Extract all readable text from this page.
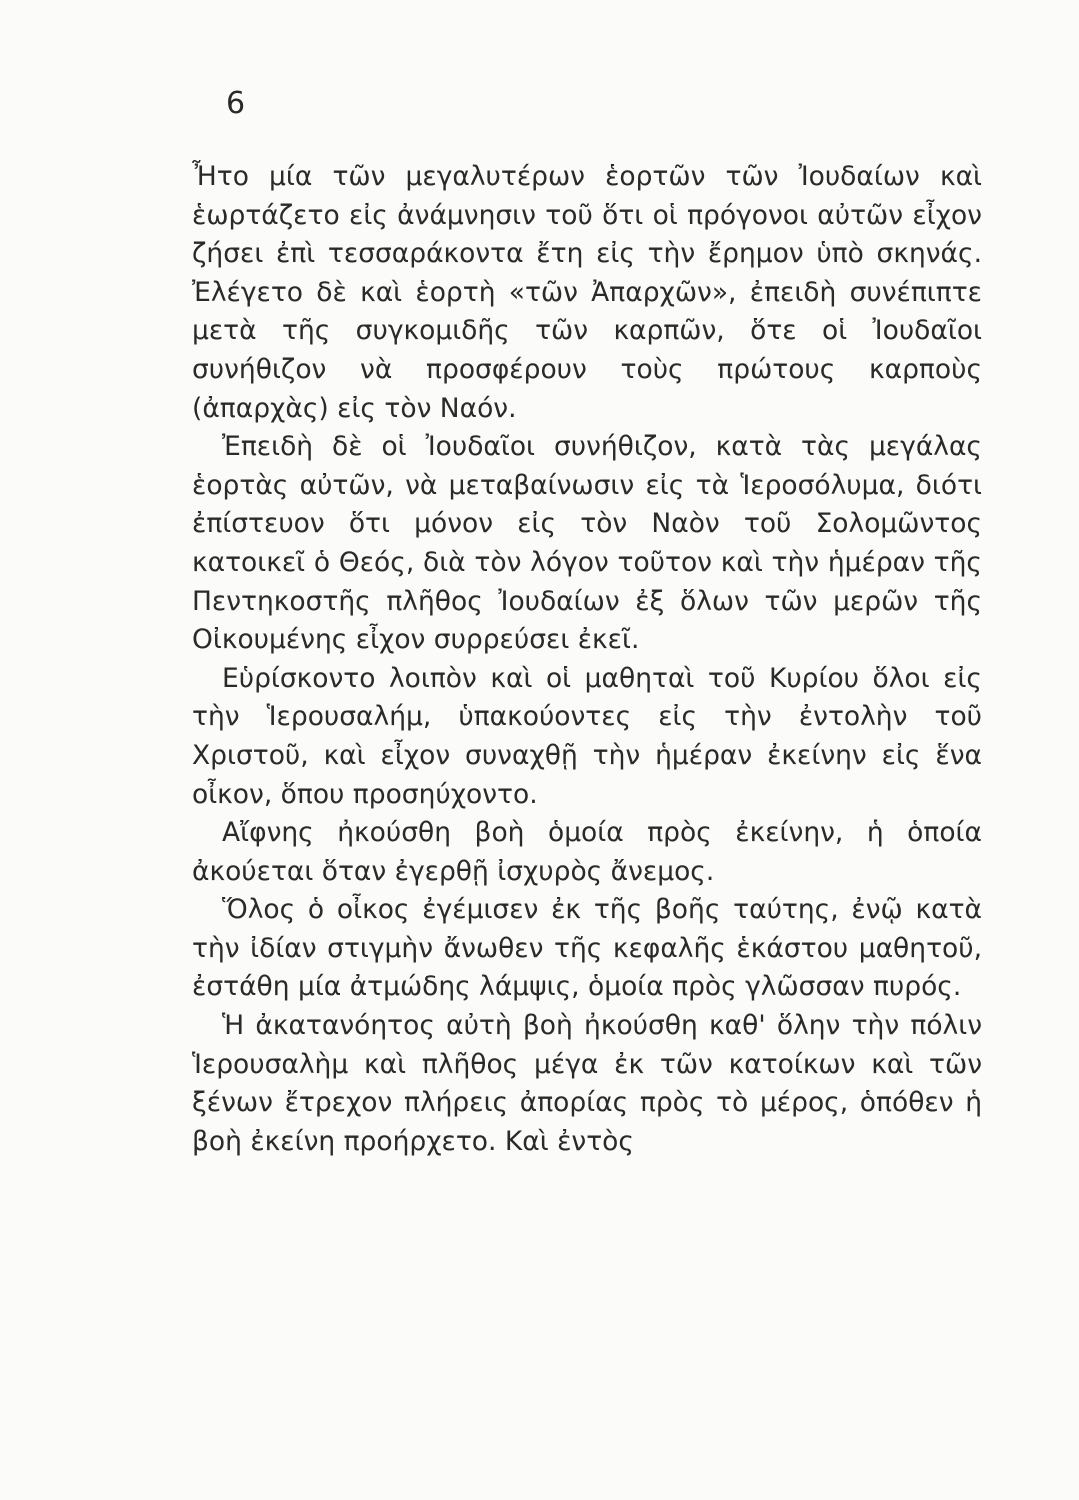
6

Ἦτο μία τῶν μεγαλυτέρων ἑορτῶν τῶν Ἰουδαίων καὶ ἑωρτάζετο εἰς ἀνάμνησιν τοῦ ὅτι οἱ πρόγονοι αὐτῶν εἶχον ζήσει ἐπὶ τεσσαράκοντα ἔτη εἰς τὴν ἔρημον ὑπὸ σκηνάς. Ἐλέγετο δὲ καὶ ἑορτὴ «τῶν Ἀπαρχῶν», ἐπειδὴ συνέπιπτε μετὰ τῆς συγκομιδῆς τῶν καρπῶν, ὅτε οἱ Ἰουδαῖοι συνήθιζον νὰ προσφέρουν τοὺς πρώτους καρποὺς (ἀπαρχὰς) εἰς τὸν Ναόν.

Ἐπειδὴ δὲ οἱ Ἰουδαῖοι συνήθιζον, κατὰ τὰς μεγάλας ἑορτὰς αὐτῶν, νὰ μεταβαίνωσιν εἰς τὰ Ἱεροσόλυμα, διότι ἐπίστευον ὅτι μόνον εἰς τὸν Ναὸν τοῦ Σολομῶντος κατοικεῖ ὁ Θεός, διὰ τὸν λόγον τοῦτον καὶ τὴν ἡμέραν τῆς Πεντηκοστῆς πλῆθος Ἰουδαίων ἐξ ὅλων τῶν μερῶν τῆς Οἰκουμένης εἶχον συρρεύσει ἐκεῖ.

Εὑρίσκοντο λοιπὸν καὶ οἱ μαθηταὶ τοῦ Κυρίου ὅλοι εἰς τὴν Ἱερουσαλήμ, ὑπακούοντες εἰς τὴν ἐντολὴν τοῦ Χριστοῦ, καὶ εἶχον συναχθῇ τὴν ἡμέραν ἐκείνην εἰς ἕνα οἶκον, ὅπου προσηύχοντο.

Αἴφνης ἠκούσθη βοὴ ὁμοία πρὸς ἐκείνην, ἡ ὁποία ἀκούεται ὅταν ἐγερθῇ ἰσχυρὸς ἄνεμος.

Ὅλος ὁ οἶκος ἐγέμισεν ἐκ τῆς βοῆς ταύτης, ἐνῷ κατὰ τὴν ἰδίαν στιγμὴν ἄνωθεν τῆς κεφαλῆς ἑκάστου μαθητοῦ, ἐστάθη μία ἀτμώδης λάμψις, ὁμοία πρὸς γλῶσσαν πυρός.

Ἡ ἀκατανόητος αὐτὴ βοὴ ἠκούσθη καθ' ὅλην τὴν πόλιν Ἱερουσαλὴμ καὶ πλῆθος μέγα ἐκ τῶν κατοίκων καὶ τῶν ξένων ἔτρεχον πλήρεις ἀπορίας πρὸς τὸ μέρος, ὁπόθεν ἡ βοὴ ἐκείνη προήρχετο. Καὶ ἐντὸς
